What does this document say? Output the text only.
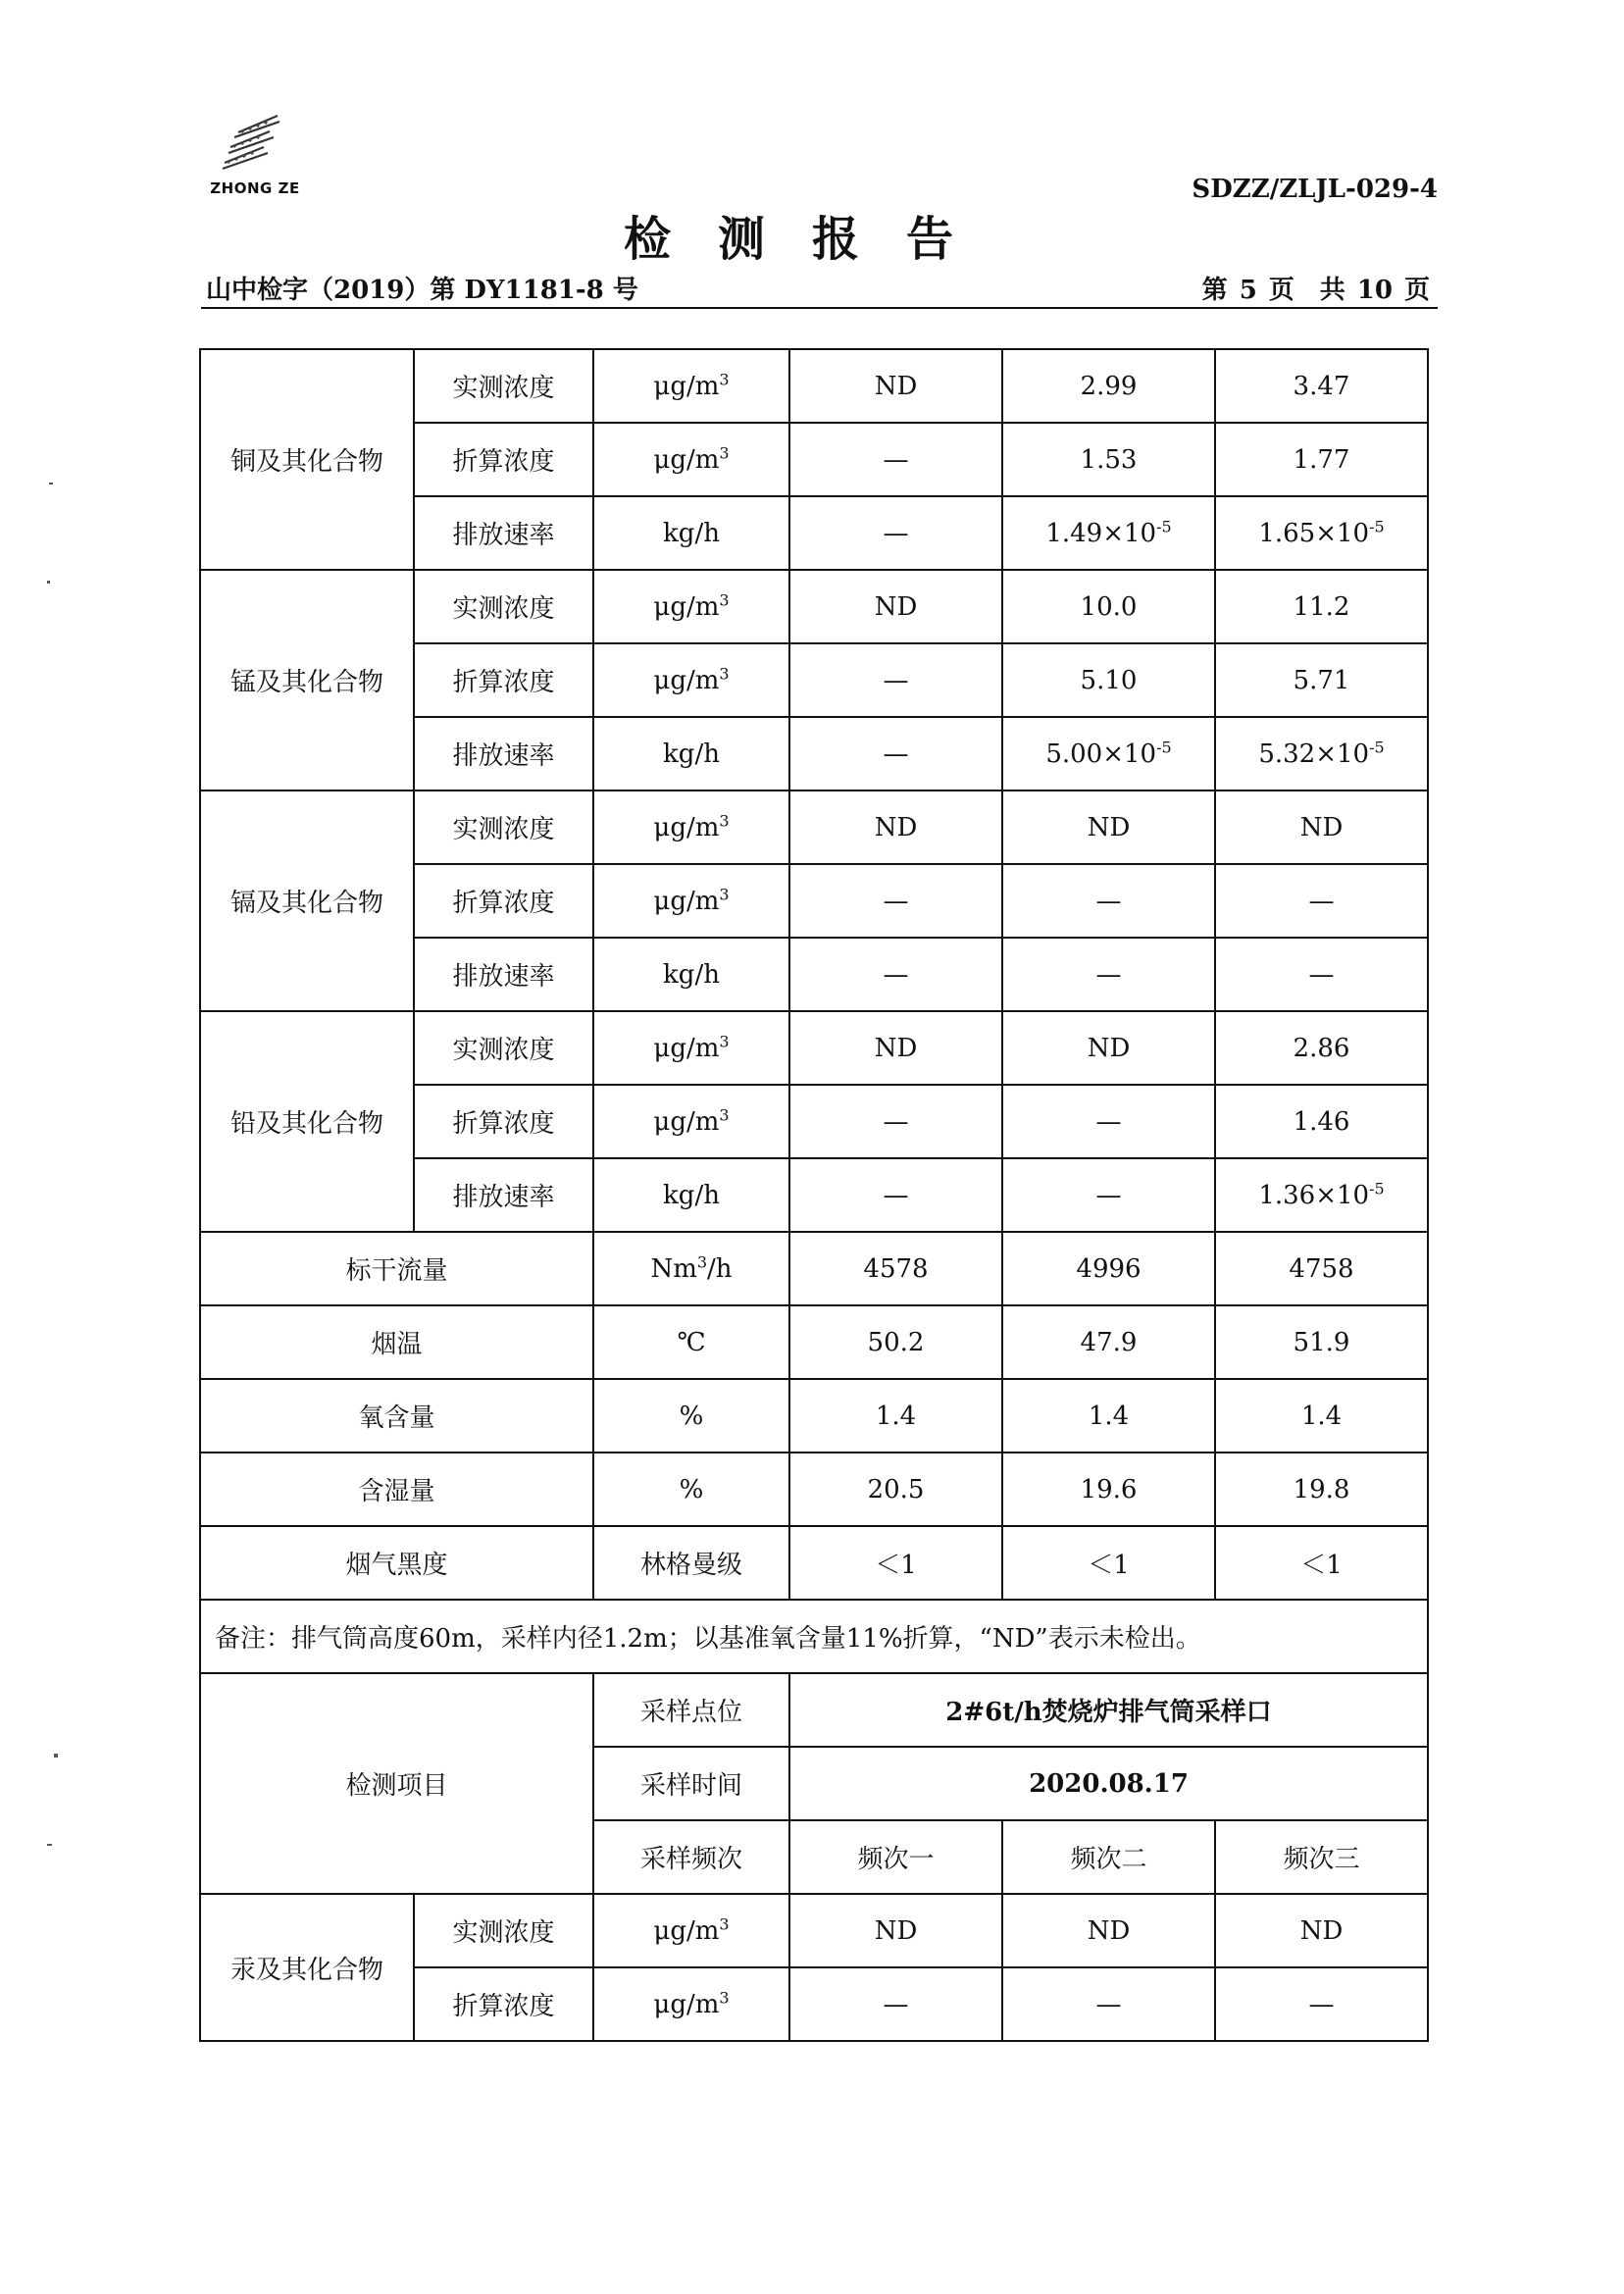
ZHONG ZE	SDZZ/ZLJL-029-4
检测报告
山中检字（2019）第 DY1181-8 号	第 5 页　共 10 页
铜及其化合物	实测浓度	$\mu g/m^3$	ND	2.99	3.47
	折算浓度	$\mu g/m^3$	—	1.53	1.77
	排放速率	kg/h	—	$1.49\times 10^{-5}$	$1.65\times 10^{-5}$
锰及其化合物	实测浓度	$\mu g/m^3$	ND	10.0	11.2
	折算浓度	$\mu g/m^3$	—	5.10	5.71
	排放速率	kg/h	—	$5.00\times 10^{-5}$	$5.32\times 10^{-5}$
镉及其化合物	实测浓度	$\mu g/m^3$	ND	ND	ND
	折算浓度	$\mu g/m^3$	—	—	—
	排放速率	kg/h	—	—	—
铅及其化合物	实测浓度	$\mu g/m^3$	ND	ND	2.86
	折算浓度	$\mu g/m^3$	—	—	1.46
	排放速率	kg/h	—	—	$1.36\times 10^{-5}$
标干流量		Nm$^3$/h	4578	4996	4758
烟温		℃	50.2	47.9	51.9
氧含量		%	1.4	1.4	1.4
含湿量		%	20.5	19.6	19.8
烟气黑度		林格曼级	＜1	＜1	＜1
备注：排气筒高度60m，采样内径1.2m；以基准氧含量11%折算，“ND”表示未检出。					
检测项目		采样点位	2#6t/h焚烧炉排气筒采样口		
		采样时间	2020.08.17		
		采样频次	频次一	频次二	频次三
汞及其化合物	实测浓度	$\mu g/m^3$	ND	ND	ND
	折算浓度	$\mu g/m^3$	—	—	—
